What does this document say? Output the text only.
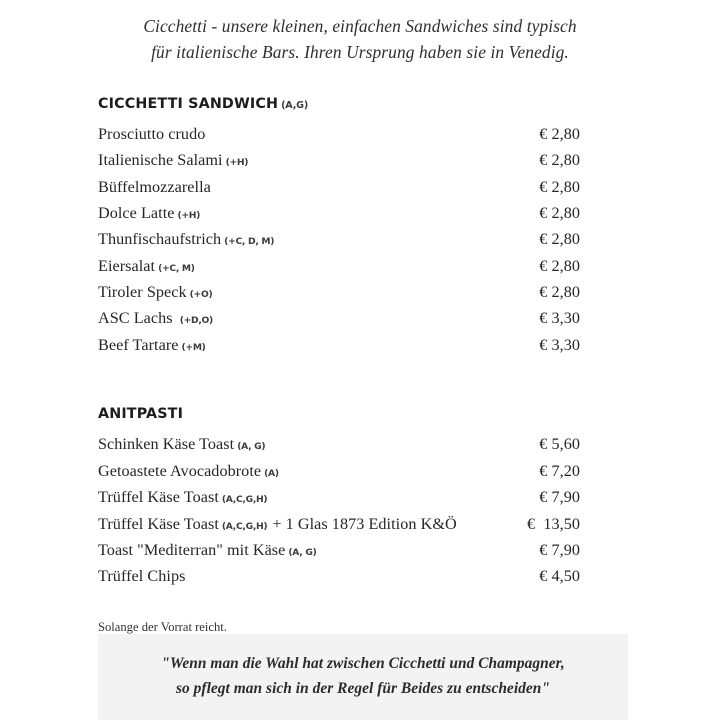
Cicchetti - unsere kleinen, einfachen Sandwiches sind typisch
für italienische Bars. Ihren Ursprung haben sie in Venedig.
CICCHETTI SANDWICH (A,G)
Prosciutto crudo	€ 2,80
Italienische Salami (+H)	€ 2,80
Büffelmozzarella	€ 2,80
Dolce Latte (+H)	€ 2,80
Thunfischaufstrich (+C, D, M)	€ 2,80
Eiersalat (+C, M)	€ 2,80
Tiroler Speck (+O)	€ 2,80
ASC Lachs (+D,O)	€ 3,30
Beef Tartare (+M)	€ 3,30
ANITPASTI
Schinken Käse Toast (A, G)	€ 5,60
Getoastete Avocadobrote (A)	€ 7,20
Trüffel Käse Toast (A,C,G,H)	€ 7,90
Trüffel Käse Toast (A,C,G,H) + 1 Glas 1873 Edition K&Ö	€  13,50
Toast "Mediterran" mit Käse (A, G)	€ 7,90
Trüffel Chips	€ 4,50
Solange der Vorrat reicht.
"Wenn man die Wahl hat zwischen Cicchetti und Champagner,
so pflegt man sich in der Regel für Beides zu entscheiden"
